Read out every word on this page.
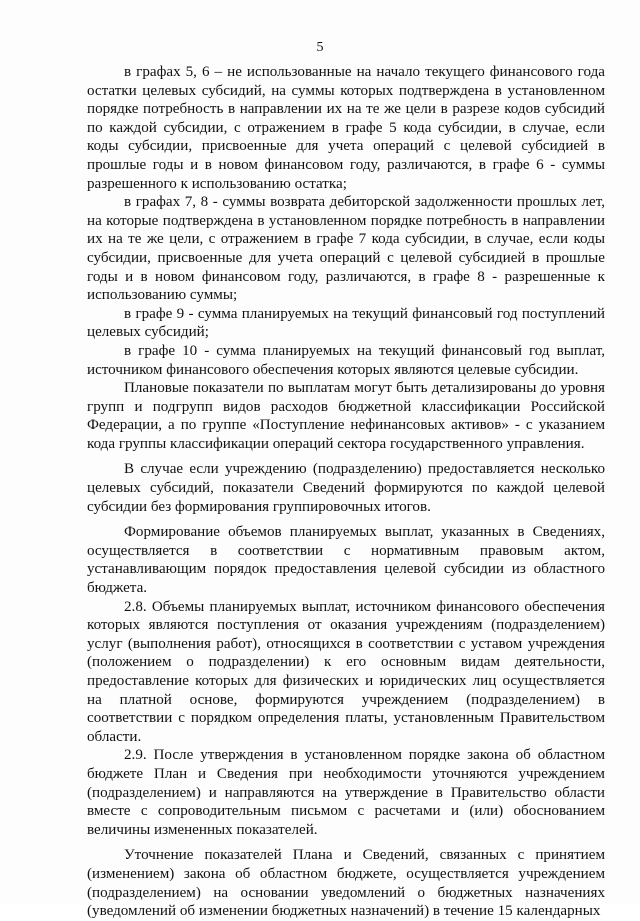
5

в графах 5, 6 – не использованные на начало текущего финансового года остатки целевых субсидий, на суммы которых подтверждена в установленном порядке потребность в направлении их на те же цели в разрезе кодов субсидий по каждой субсидии, с отражением в графе 5 кода субсидии, в случае, если коды субсидии, присвоенные для учета операций с целевой субсидией в прошлые годы и в новом финансовом году, различаются, в графе 6 - суммы разрешенного к использованию остатка;

в графах 7, 8 - суммы возврата дебиторской задолженности прошлых лет, на которые подтверждена в установленном порядке потребность в направлении их на те же цели, с отражением в графе 7 кода субсидии, в случае, если коды субсидии, присвоенные для учета операций с целевой субсидией в прошлые годы и в новом финансовом году, различаются, в графе 8 - разрешенные к использованию суммы;

в графе 9 - сумма планируемых на текущий финансовый год поступлений целевых субсидий;

в графе 10 - сумма планируемых на текущий финансовый год выплат, источником финансового обеспечения которых являются целевые субсидии.

Плановые показатели по выплатам могут быть детализированы до уровня групп и подгрупп видов расходов бюджетной классификации Российской Федерации, а по группе «Поступление нефинансовых активов» - с указанием кода группы классификации операций сектора государственного управления.

В случае если учреждению (подразделению) предоставляется несколько целевых субсидий, показатели Сведений формируются по каждой целевой субсидии без формирования группировочных итогов.

Формирование объемов планируемых выплат, указанных в Сведениях, осуществляется в соответствии с нормативным правовым актом, устанавливающим порядок предоставления целевой субсидии из областного бюджета.

2.8. Объемы планируемых выплат, источником финансового обеспечения которых являются поступления от оказания учреждениям (подразделением) услуг (выполнения работ), относящихся в соответствии с уставом учреждения (положением о подразделении) к его основным видам деятельности, предоставление которых для физических и юридических лиц осуществляется на платной основе, формируются учреждением (подразделением) в соответствии с порядком определения платы, установленным Правительством области.

2.9. После утверждения в установленном порядке закона об областном бюджете План и Сведения при необходимости уточняются учреждением (подразделением) и направляются на утверждение в Правительство области вместе с сопроводительным письмом с расчетами и (или) обоснованием величины измененных показателей.

Уточнение показателей Плана и Сведений, связанных с принятием (изменением) закона об областном бюджете, осуществляется учреждением (подразделением) на основании уведомлений о бюджетных назначениях (уведомлений об изменении бюджетных назначений) в течение 15 календарных
